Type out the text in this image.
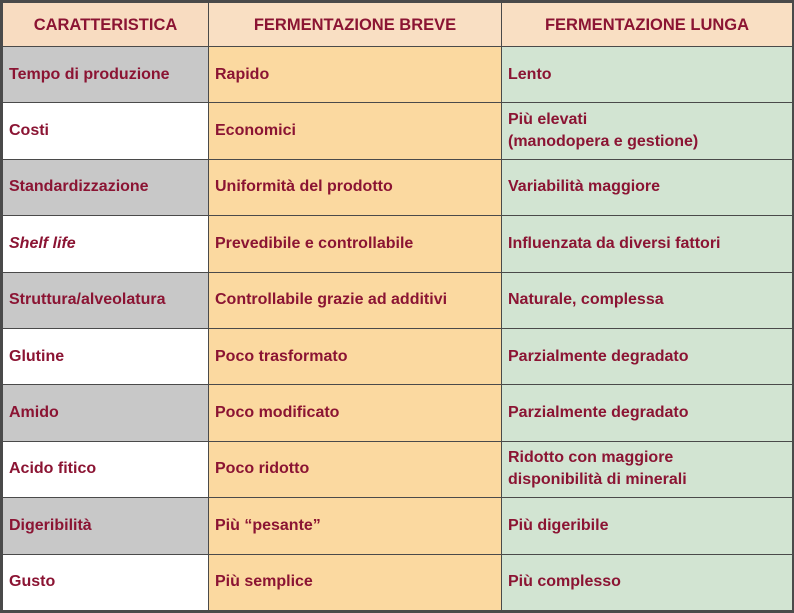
CARATTERISTICA	FERMENTAZIONE BREVE	FERMENTAZIONE LUNGA
Tempo di produzione	Rapido	Lento
Costi	Economici	Più elevati
(manodopera e gestione)
Standardizzazione	Uniformità del prodotto	Variabilità maggiore
Shelf life	Prevedibile e controllabile	Influenzata da diversi fattori
Struttura/alveolatura	Controllabile grazie ad additivi	Naturale, complessa
Glutine	Poco trasformato	Parzialmente degradato
Amido	Poco modificato	Parzialmente degradato
Acido fitico	Poco ridotto	Ridotto con maggiore
disponibilità di minerali
Digeribilità	Più “pesante”	Più digeribile
Gusto	Più semplice	Più complesso
